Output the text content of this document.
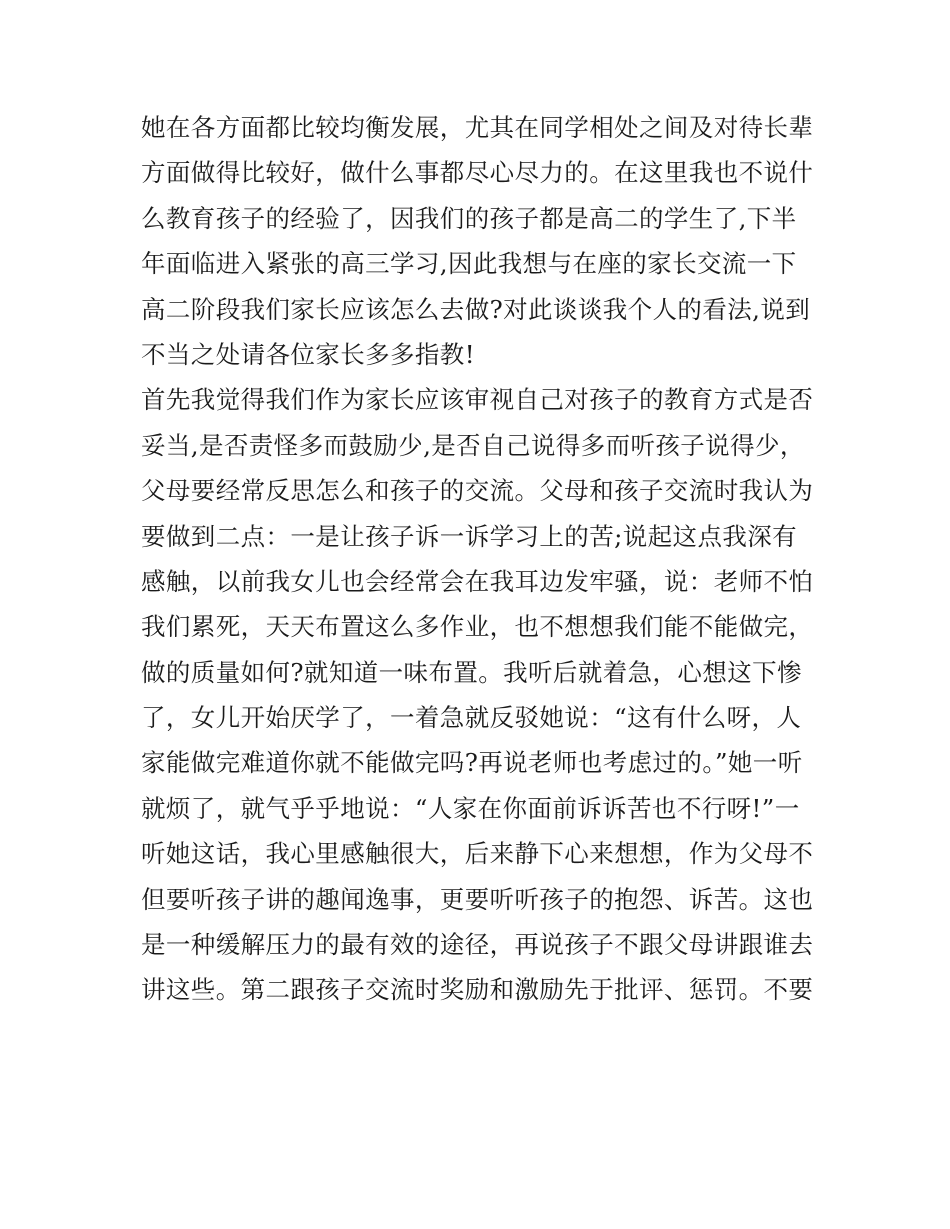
她在各方面都比较均衡发展，尤其在同学相处之间及对待长辈
方面做得比较好，做什么事都尽心尽力的。在这里我也不说什
么教育孩子的经验了，因我们的孩子都是高二的学生了,下半
年面临进入紧张的高三学习,因此我想与在座的家长交流一下
高二阶段我们家长应该怎么去做?对此谈谈我个人的看法,说到
不当之处请各位家长多多指教!
首先我觉得我们作为家长应该审视自己对孩子的教育方式是否
妥当,是否责怪多而鼓励少,是否自己说得多而听孩子说得少，
父母要经常反思怎么和孩子的交流。父母和孩子交流时我认为
要做到二点：一是让孩子诉一诉学习上的苦;说起这点我深有
感触，以前我女儿也会经常会在我耳边发牢骚，说：老师不怕
我们累死，天天布置这么多作业，也不想想我们能不能做完，
做的质量如何?就知道一味布置。我听后就着急，心想这下惨
了，女儿开始厌学了，一着急就反驳她说：“这有什么呀，人
家能做完难道你就不能做完吗?再说老师也考虑过的。”她一听
就烦了，就气乎乎地说：“人家在你面前诉诉苦也不行呀!”一
听她这话，我心里感触很大，后来静下心来想想，作为父母不
但要听孩子讲的趣闻逸事，更要听听孩子的抱怨、诉苦。这也
是一种缓解压力的最有效的途径，再说孩子不跟父母讲跟谁去
讲这些。第二跟孩子交流时奖励和激励先于批评、惩罚。不要
